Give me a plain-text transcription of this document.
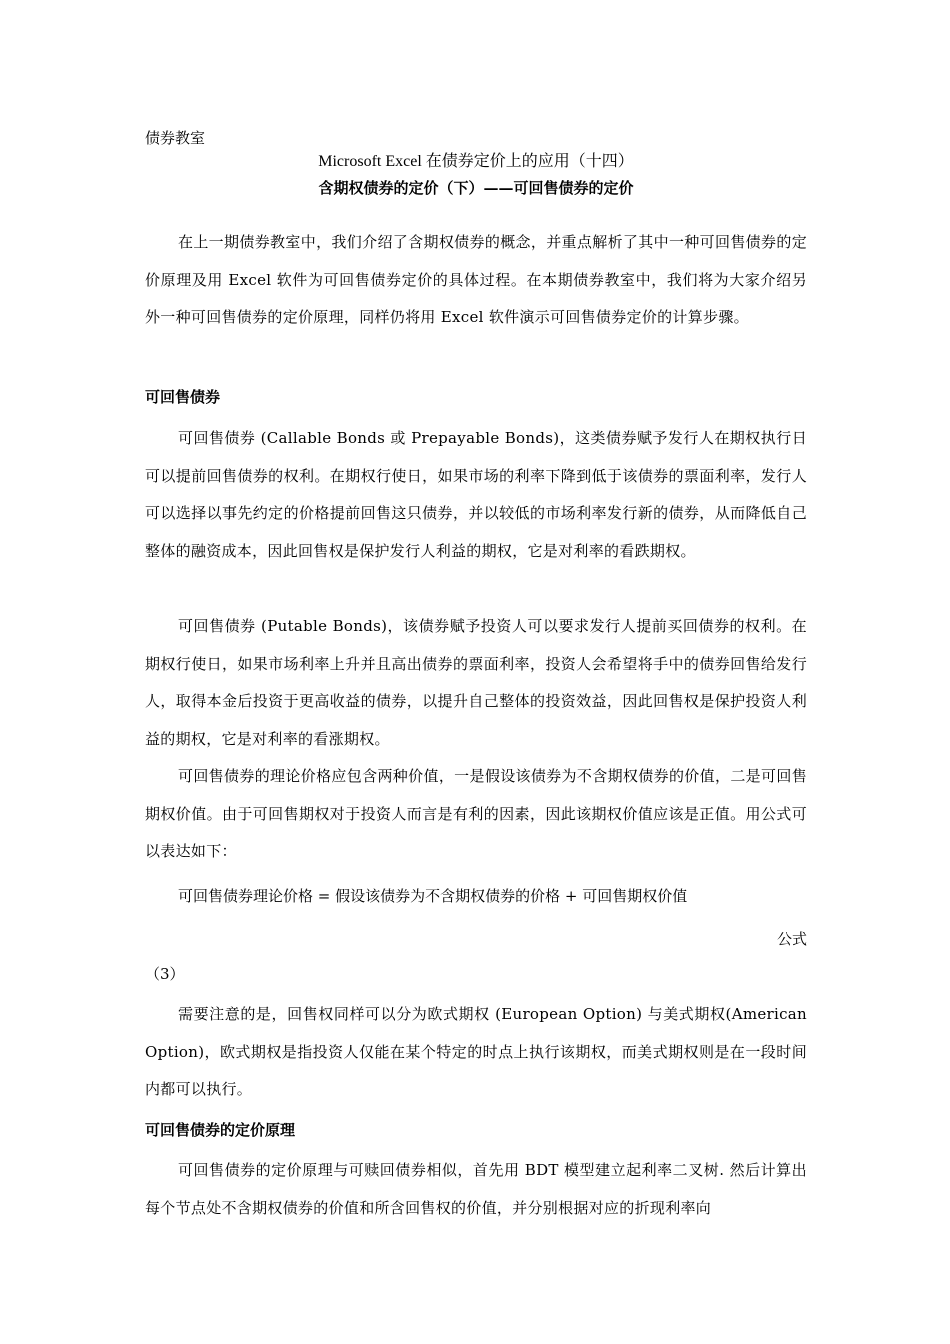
债券教室
Microsoft Excel 在债券定价上的应用（十四）
含期权债券的定价（下）——可回售债券的定价
在上一期债券教室中，我们介绍了含期权债券的概念，并重点解析了其中一种可回售债券的定价原理及用 Excel 软件为可回售债券定价的具体过程。在本期债券教室中，我们将为大家介绍另外一种可回售债券的定价原理，同样仍将用 Excel 软件演示可回售债券定价的计算步骤。
可回售债券
可回售债券 (Callable Bonds 或 Prepayable Bonds)，这类债券赋予发行人在期权执行日可以提前回售债券的权利。在期权行使日，如果市场的利率下降到低于该债券的票面利率，发行人可以选择以事先约定的价格提前回售这只债券，并以较低的市场利率发行新的债券，从而降低自己整体的融资成本，因此回售权是保护发行人利益的期权，它是对利率的看跌期权。
可回售债券 (Putable Bonds)，该债券赋予投资人可以要求发行人提前买回债券的权利。在期权行使日，如果市场利率上升并且高出债券的票面利率，投资人会希望将手中的债券回售给发行人，取得本金后投资于更高收益的债券，以提升自己整体的投资效益，因此回售权是保护投资人利益的期权，它是对利率的看涨期权。
可回售债券的理论价格应包含两种价值，一是假设该债券为不含期权债券的价值，二是可回售期权价值。由于可回售期权对于投资人而言是有利的因素，因此该期权价值应该是正值。用公式可以表达如下：
可回售债券理论价格 = 假设该债券为不含期权债券的价格 + 可回售期权价值
公式
（3）
需要注意的是，回售权同样可以分为欧式期权 (European Option) 与美式期权(American Option)，欧式期权是指投资人仅能在某个特定的时点上执行该期权，而美式期权则是在一段时间内都可以执行。
可回售债券的定价原理
可回售债券的定价原理与可赎回债券相似，首先用 BDT 模型建立起利率二叉树. 然后计算出每个节点处不含期权债券的价值和所含回售权的价值，并分别根据对应的折现利率向
